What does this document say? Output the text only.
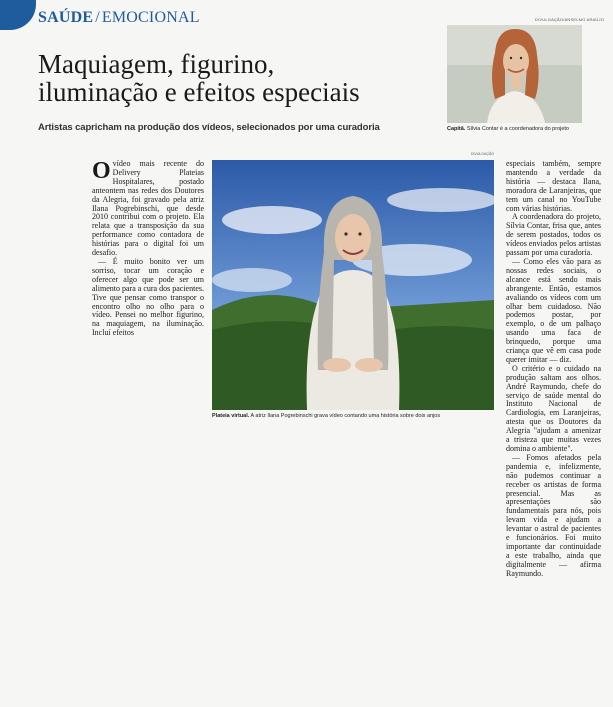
SAÚDE / EMOCIONAL
Maquiagem, figurino, iluminação e efeitos especiais
Artistas capricham na produção dos vídeos, selecionados por uma curadoria
DIVULGAÇÃO/ANSELMO ARAÚJO
Capitã. Sílvia Contar é a coordenadora do projeto

Ovídeo mais recente do Delivery Plateias Hospitalares, postado anteontem nas redes dos Doutores da Alegria, foi gravado pela atriz Ilana Pogrebinschi, que desde 2010 contribui com o projeto. Ela relata que a transposição da sua performance como contadora de histórias para o digital foi um desafio.

— É muito bonito ver um sorriso, tocar um coração e oferecer algo que pode ser um alimento para a cura dos pacientes. Tive que pensar como transpor o encontro olho no olho para o vídeo. Pensei no melhor figurino, na maquiagem, na iluminação. Incluí efeitos

DIVULGAÇÃO
Plateia virtual. A atriz Ilana Pogrebinschi grava vídeo contando uma história sobre dois anjos

especiais também, sempre mantendo a verdade da história — destaca Ilana, moradora de Laranjeiras, que tem um canal no YouTube com várias histórias.

A coordenadora do projeto, Sílvia Contar, frisa que, antes de serem postados, todos os vídeos enviados pelos artistas passam por uma curadoria.

— Como eles vão para as nossas redes sociais, o alcance está sendo mais abrangente. Então, estamos avaliando os vídeos com um olhar bem cuidadoso. Não podemos postar, por exemplo, o de um palhaço usando uma faca de brinquedo, porque uma criança que vê em casa pode querer imitar — diz.

O critério e o cuidado na produção saltam aos olhos. André Raymundo, chefe do serviço de saúde mental do Instituto Nacional de Cardiologia, em Laranjeiras, atesta que os Doutores da Alegria "ajudam a amenizar a tristeza que muitas vezes domina o ambiente".

— Fomos afetados pela pandemia e, infelizmente, não pudemos continuar a receber os artistas de forma presencial. Mas as apresentações são fundamentais para nós, pois levam vida e ajudam a levantar o astral de pacientes e funcionários. Foi muito importante dar continuidade a este trabalho, ainda que digitalmente — afirma Raymundo.
